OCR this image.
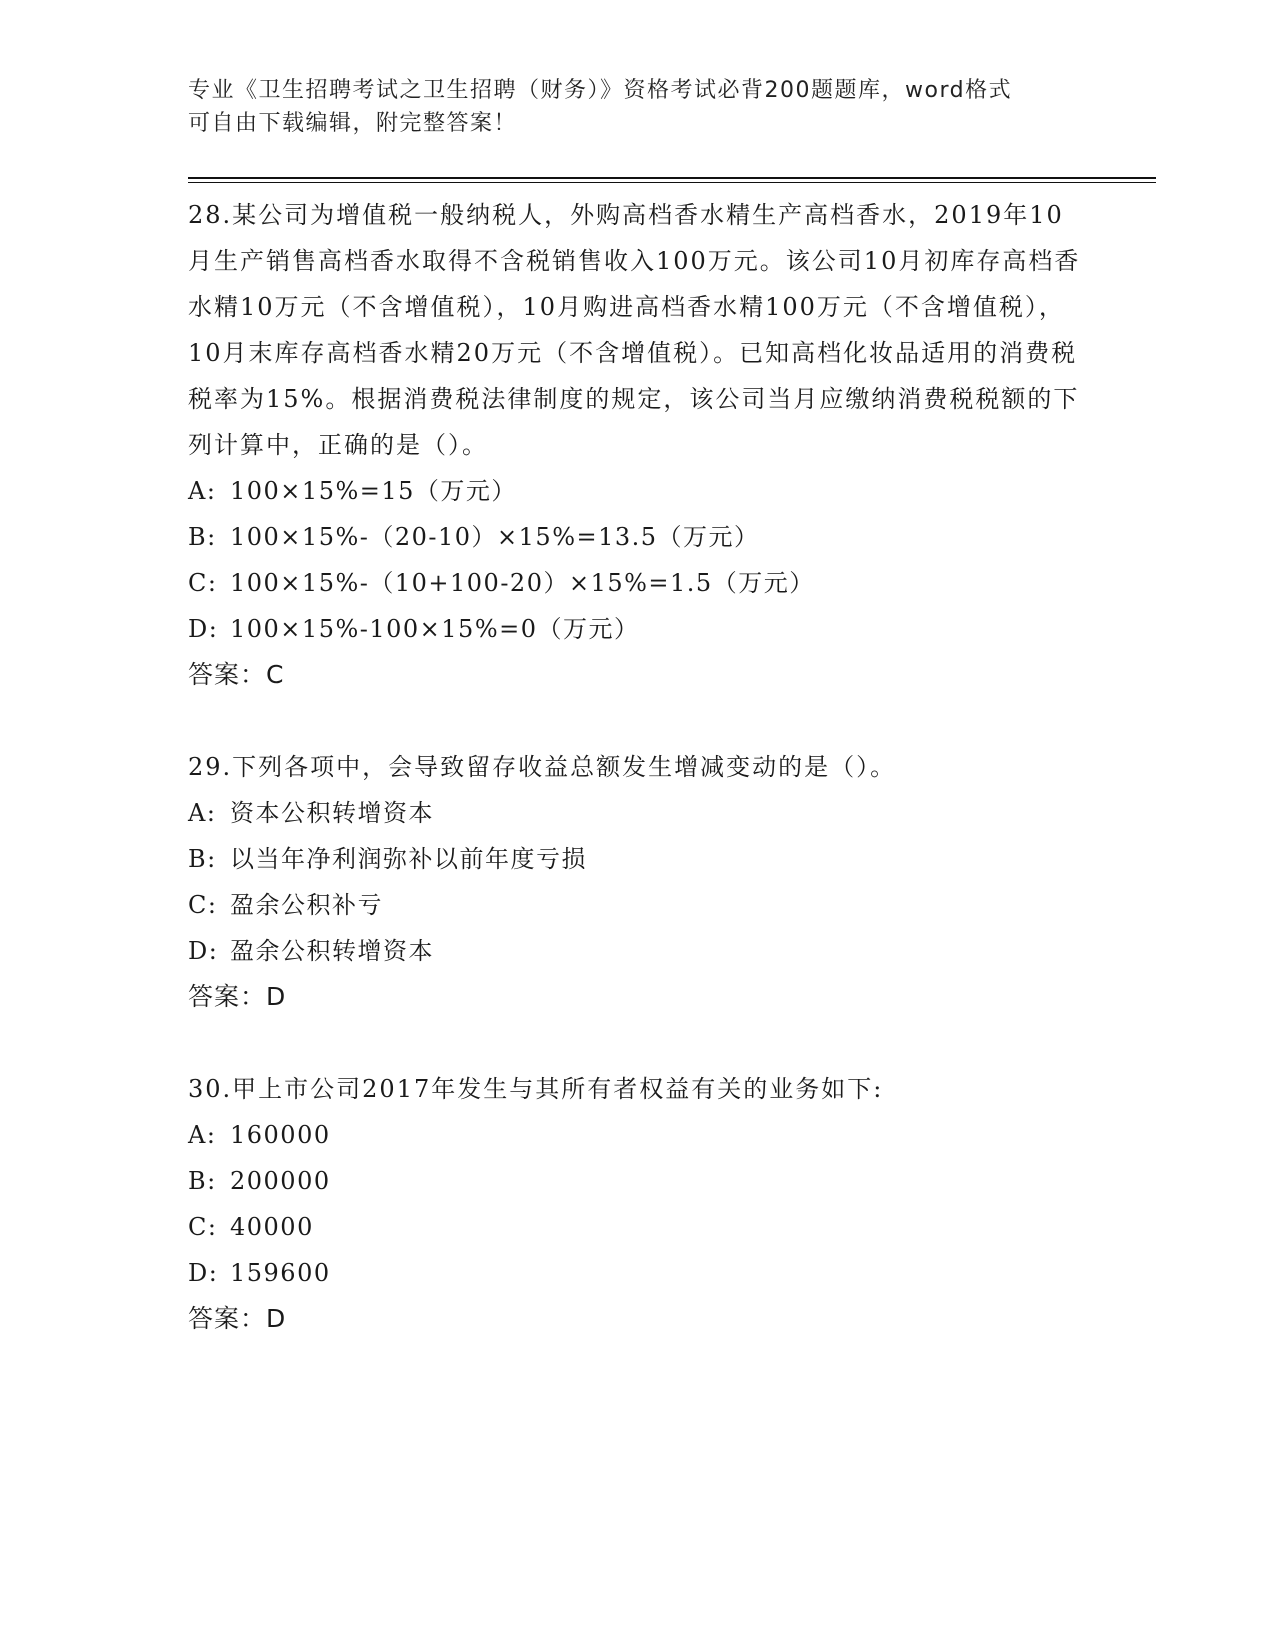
专业《卫生招聘考试之卫生招聘（财务）》资格考试必背200题题库，word格式
可自由下载编辑，附完整答案！

28.某公司为增值税一般纳税人，外购高档香水精生产高档香水，2019年10月生产销售高档香水取得不含税销售收入100万元。该公司10月初库存高档香水精10万元（不含增值税），10月购进高档香水精100万元（不含增值税），10月末库存高档香水精20万元（不含增值税）。已知高档化妆品适用的消费税税率为15%。根据消费税法律制度的规定，该公司当月应缴纳消费税税额的下列计算中，正确的是（）。

A: 100×15%=15（万元）
B: 100×15%-（20-10）×15%=13.5（万元）
C: 100×15%-（10+100-20）×15%=1.5（万元）
D: 100×15%-100×15%=0（万元）
答案：C

29.下列各项中，会导致留存收益总额发生增减变动的是（）。

A: 资本公积转增资本
B: 以当年净利润弥补以前年度亏损
C: 盈余公积补亏
D: 盈余公积转增资本
答案：D

30.甲上市公司2017年发生与其所有者权益有关的业务如下:

A: 160000
B: 200000
C: 40000
D: 159600
答案：D
